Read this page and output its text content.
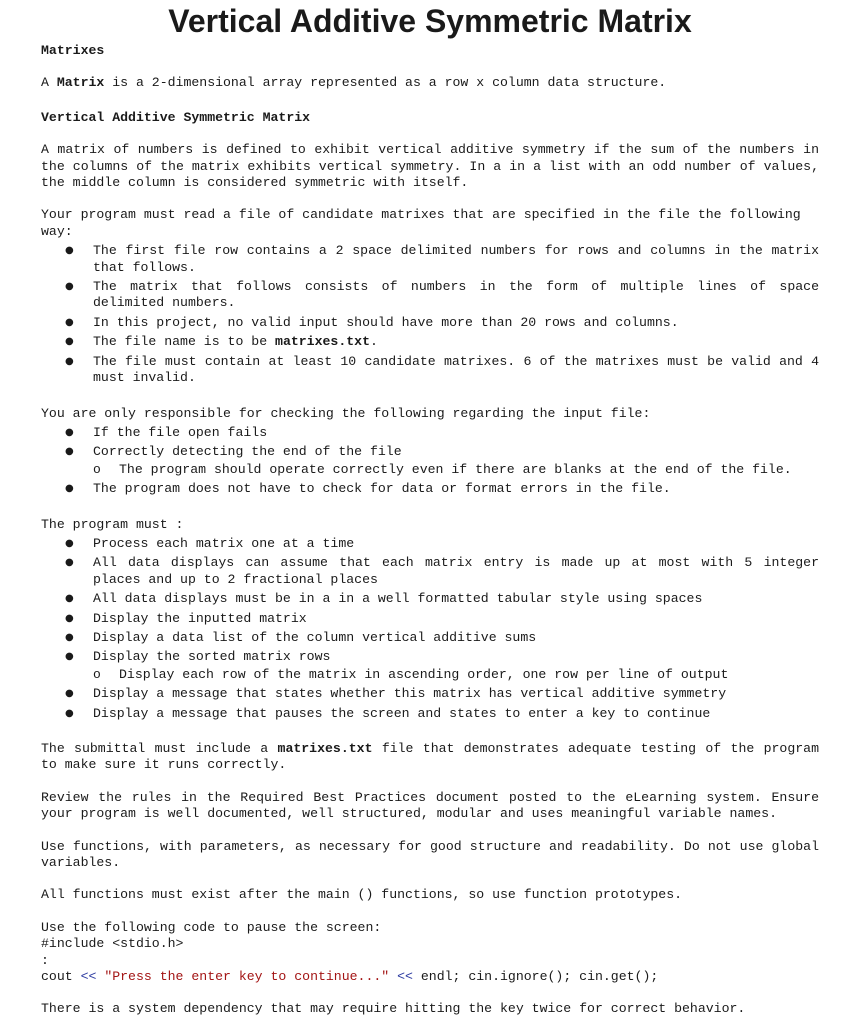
Vertical Additive Symmetric Matrix

Matrixes

A Matrix is a 2-dimensional array represented as a row x column data structure.

Vertical Additive Symmetric Matrix

A matrix of numbers is defined to exhibit vertical additive symmetry if the sum of the numbers in the columns of the matrix exhibits vertical symmetry. In a in a list with an odd number of values, the middle column is considered symmetric with itself.

Your program must read a file of candidate matrixes that are specified in the file the following way:

● The first file row contains a 2 space delimited numbers for rows and columns in the matrix that follows.
● The matrix that follows consists of numbers in the form of multiple lines of space delimited numbers.
● In this project, no valid input should have more than 20 rows and columns.
● The file name is to be matrixes.txt.
● The file must contain at least 10 candidate matrixes. 6 of the matrixes must be valid and 4 must invalid.

You are only responsible for checking the following regarding the input file:

● If the file open fails
● Correctly detecting the end of the file
o The program should operate correctly even if there are blanks at the end of the file.
● The program does not have to check for data or format errors in the file.

The program must :

● Process each matrix one at a time
● All data displays can assume that each matrix entry is made up at most with 5 integer places and up to 2 fractional places
● All data displays must be in a in a well formatted tabular style using spaces
● Display the inputted matrix
● Display a data list of the column vertical additive sums
● Display the sorted matrix rows
o Display each row of the matrix in ascending order, one row per line of output
● Display a message that states whether this matrix has vertical additive symmetry
● Display a message that pauses the screen and states to enter a key to continue

The submittal must include a matrixes.txt file that demonstrates adequate testing of the program to make sure it runs correctly.

Review the rules in the Required Best Practices document posted to the eLearning system. Ensure your program is well documented, well structured, modular and uses meaningful variable names.

Use functions, with parameters, as necessary for good structure and readability. Do not use global variables.

All functions must exist after the main () functions, so use function prototypes.

Use the following code to pause the screen:

#include <stdio.h>

:

cout << "Press the enter key to continue..." << endl; cin.ignore(); cin.get();

There is a system dependency that may require hitting the key twice for correct behavior.
